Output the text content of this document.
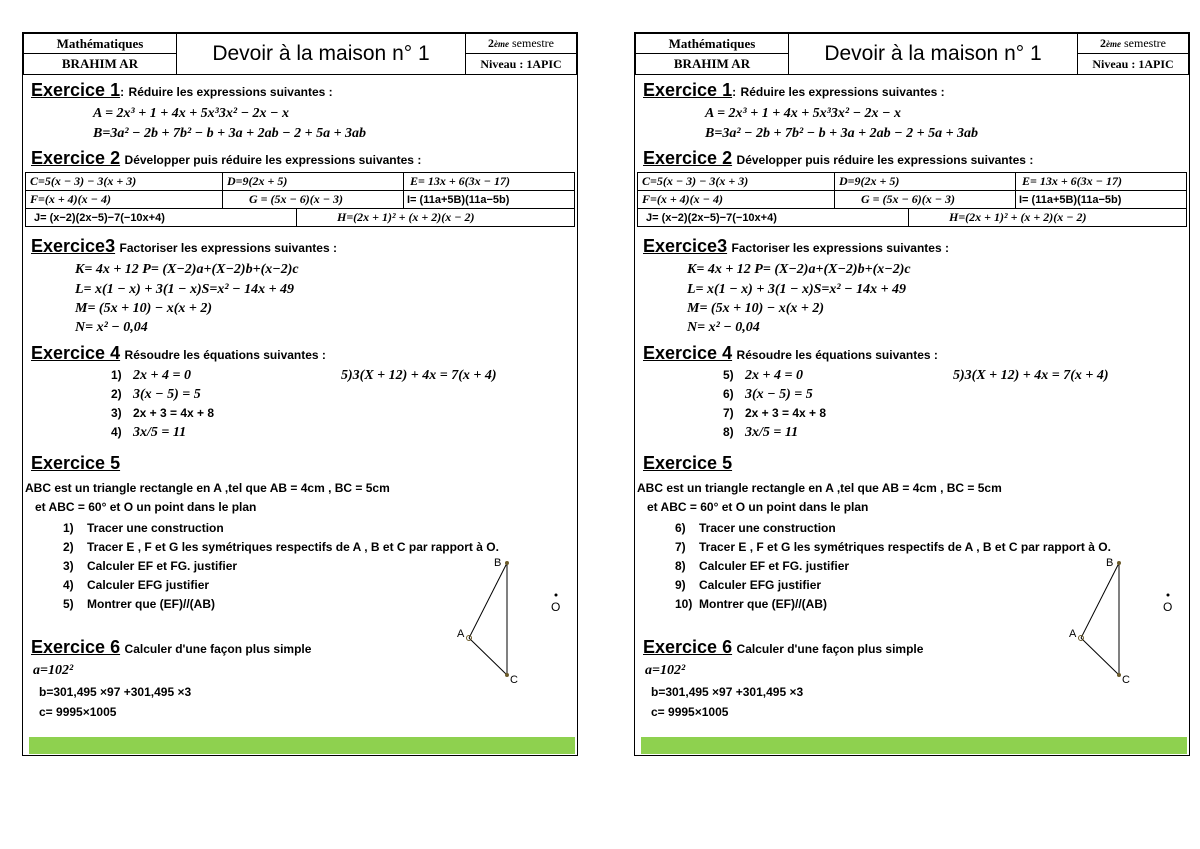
Mathématiques
BRAHIM AR	Devoir à la maison n° 1	2 ème
semestre
Niveau : 1APIC
Exercice 1: Réduire les expressions suivantes :
A = 2x³ + 1 + 4x + 5x³3x² − 2x − x
B=3a² − 2b + 7b² − b + 3a + 2ab − 2 + 5a + 3ab
Exercice 2 Développer puis réduire les expressions suivantes :
C=5(x − 3) − 3(x + 3)	D=9(2x + 5)	E= 13x + 6(3x − 17)
F=(x + 4)(x − 4)	G = (5x − 6)(x − 3)	I= (11a+5B)(11a−5b)
J= (x−2)(2x−5)−7(−10x+4)	H=(2x + 1)² + (x + 2)(x − 2)
Exercice3 Factoriser les expressions suivantes :
K= 4x + 12 P= (X−2)a+(X−2)b+(x−2)c
L= x(1 − x) + 3(1 − x)S=x² − 14x + 49
M= (5x + 10) − x(x + 2)
N= x² − 0,04
Exercice 4 Résoudre les équations suivantes :
5)3(X + 12) + 4x = 7(x + 4)
1) 2x + 4 = 0
2) 3(x − 5) = 5
3) 2x + 3 = 4x + 8
4) 3x/5 = 11
Exercice 5
ABC est un triangle rectangle en A ,tel que AB = 4cm , BC = 5cm
et ABC = 60° et O un point dans le plan
1) Tracer une construction
2) Tracer E , F et G les symétriques respectifs de A , B et C par rapport à O.
3) Calculer EF et FG. justifier
4) Calculer EFG justifier
5) Montrer que (EF)//(AB)
B
A
C
O
Exercice 6 Calculer d'une façon plus simple
a=102²
b=301,495 ×97 +301,495 ×3
c= 9995×1005
Mathématiques
BRAHIM AR	Devoir à la maison n° 1	2 ème
semestre
Niveau : 1APIC
Exercice 1: Réduire les expressions suivantes :
A = 2x³ + 1 + 4x + 5x³3x² − 2x − x
B=3a² − 2b + 7b² − b + 3a + 2ab − 2 + 5a + 3ab
Exercice 2 Développer puis réduire les expressions suivantes :
C=5(x − 3) − 3(x + 3)	D=9(2x + 5)	E= 13x + 6(3x − 17)
F=(x + 4)(x − 4)	G = (5x − 6)(x − 3)	I= (11a+5B)(11a−5b)
J= (x−2)(2x−5)−7(−10x+4)	H=(2x + 1)² + (x + 2)(x − 2)
Exercice3 Factoriser les expressions suivantes :
K= 4x + 12 P= (X−2)a+(X−2)b+(x−2)c
L= x(1 − x) + 3(1 − x)S=x² − 14x + 49
M= (5x + 10) − x(x + 2)
N= x² − 0,04
Exercice 4 Résoudre les équations suivantes :
5)3(X + 12) + 4x = 7(x + 4)
5) 2x + 4 = 0
6) 3(x − 5) = 5
7) 2x + 3 = 4x + 8
8) 3x/5 = 11
Exercice 5
ABC est un triangle rectangle en A ,tel que AB = 4cm , BC = 5cm
et ABC = 60° et O un point dans le plan
6) Tracer une construction
7) Tracer E , F et G les symétriques respectifs de A , B et C par rapport à O.
8) Calculer EF et FG. justifier
9) Calculer EFG justifier
10) Montrer que (EF)//(AB)
B
A
C
O
Exercice 6 Calculer d'une façon plus simple
a=102²
b=301,495 ×97 +301,495 ×3
c= 9995×1005
